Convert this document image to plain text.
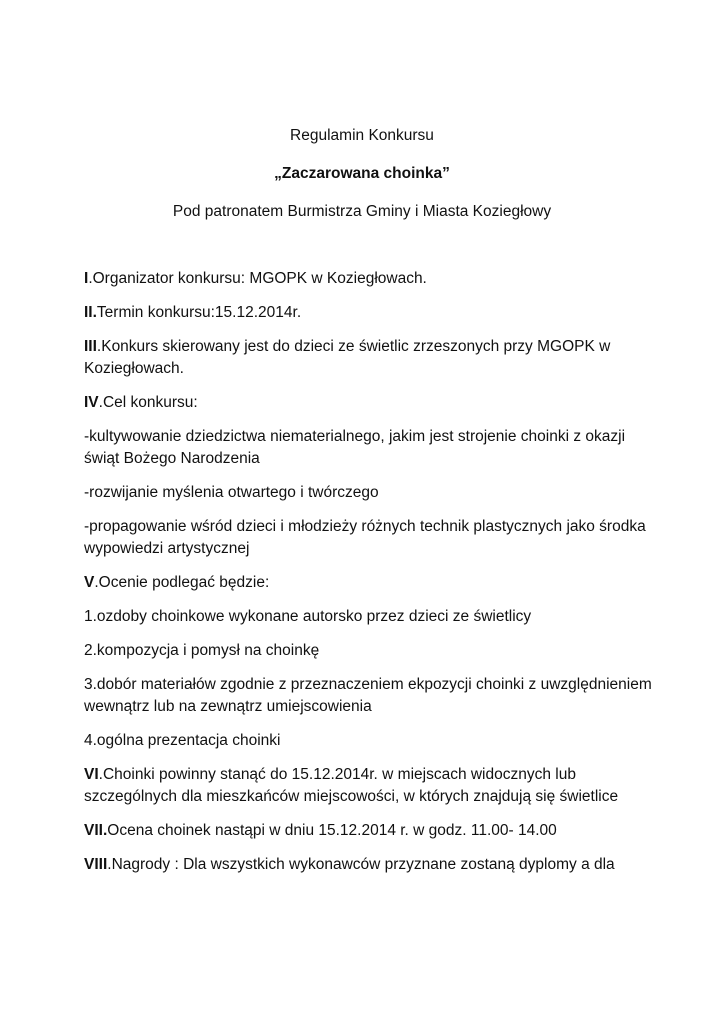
Regulamin Konkursu

„Zaczarowana choinka”

Pod patronatem Burmistrza Gminy i Miasta Koziegłowy

I.Organizator konkursu: MGOPK w Koziegłowach.

II.Termin konkursu:15.12.2014r.

III.Konkurs skierowany jest do dzieci ze świetlic zrzeszonych przy MGOPK w Koziegłowach.

IV.Cel konkursu:

-kultywowanie dziedzictwa niematerialnego, jakim jest strojenie choinki z okazji świąt Bożego Narodzenia

-rozwijanie myślenia otwartego i twórczego

-propagowanie wśród dzieci i młodzieży różnych technik plastycznych jako środka wypowiedzi artystycznej

V.Ocenie podlegać będzie:

1.ozdoby choinkowe wykonane autorsko przez dzieci ze świetlicy

2.kompozycja i pomysł na choinkę

3.dobór materiałów zgodnie z przeznaczeniem ekpozycji choinki z uwzględnieniem wewnątrz lub na zewnątrz umiejscowienia

4.ogólna prezentacja choinki

VI.Choinki powinny stanąć do 15.12.2014r. w miejscach widocznych lub szczególnych dla mieszkańców miejscowości, w których znajdują się świetlice

VII.Ocena choinek nastąpi w dniu 15.12.2014 r. w godz. 11.00- 14.00

VIII.Nagrody : Dla wszystkich wykonawców przyznane zostaną dyplomy a dla
